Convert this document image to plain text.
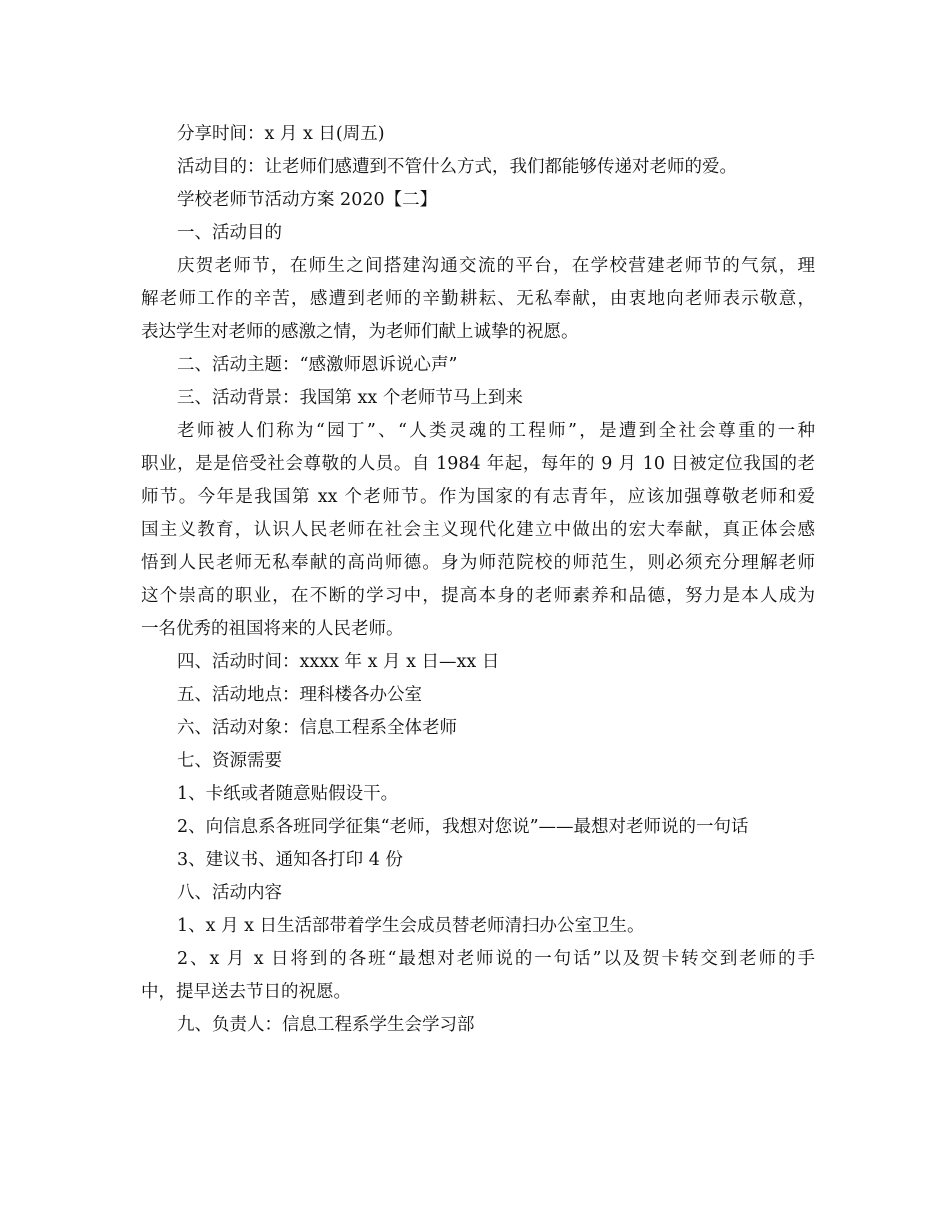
分享时间：x 月 x 日(周五)

活动目的：让老师们感遭到不管什么方式，我们都能够传递对老师的爱。

学校老师节活动方案 2020【二】

一、活动目的

庆贺老师节，在师生之间搭建沟通交流的平台，在学校营建老师节的气氛，理

解老师工作的辛苦，感遭到老师的辛勤耕耘、无私奉献，由衷地向老师表示敬意，

表达学生对老师的感激之情，为老师们献上诚挚的祝愿。

二、活动主题：“感激师恩诉说心声”

三、活动背景：我国第 xx 个老师节马上到来

老师被人们称为“园丁”、“人类灵魂的工程师”，是遭到全社会尊重的一种

职业，是是倍受社会尊敬的人员。自 1984 年起，每年的 9 月 10 日被定位我国的老

师节。今年是我国第 xx 个老师节。作为国家的有志青年，应该加强尊敬老师和爱

国主义教育，认识人民老师在社会主义现代化建立中做出的宏大奉献，真正体会感

悟到人民老师无私奉献的高尚师德。身为师范院校的师范生，则必须充分理解老师

这个崇高的职业，在不断的学习中，提高本身的老师素养和品德，努力是本人成为

一名优秀的祖国将来的人民老师。

四、活动时间：xxxx 年 x 月 x 日—xx 日

五、活动地点：理科楼各办公室

六、活动对象：信息工程系全体老师

七、资源需要

1、卡纸或者随意贴假设干。

2、向信息系各班同学征集“老师，我想对您说”——最想对老师说的一句话

3、建议书、通知各打印 4 份

八、活动内容

1、x 月 x 日生活部带着学生会成员替老师清扫办公室卫生。

2、x 月 x 日将到的各班“最想对老师说的一句话”以及贺卡转交到老师的手

中，提早送去节日的祝愿。

九、负责人：信息工程系学生会学习部
